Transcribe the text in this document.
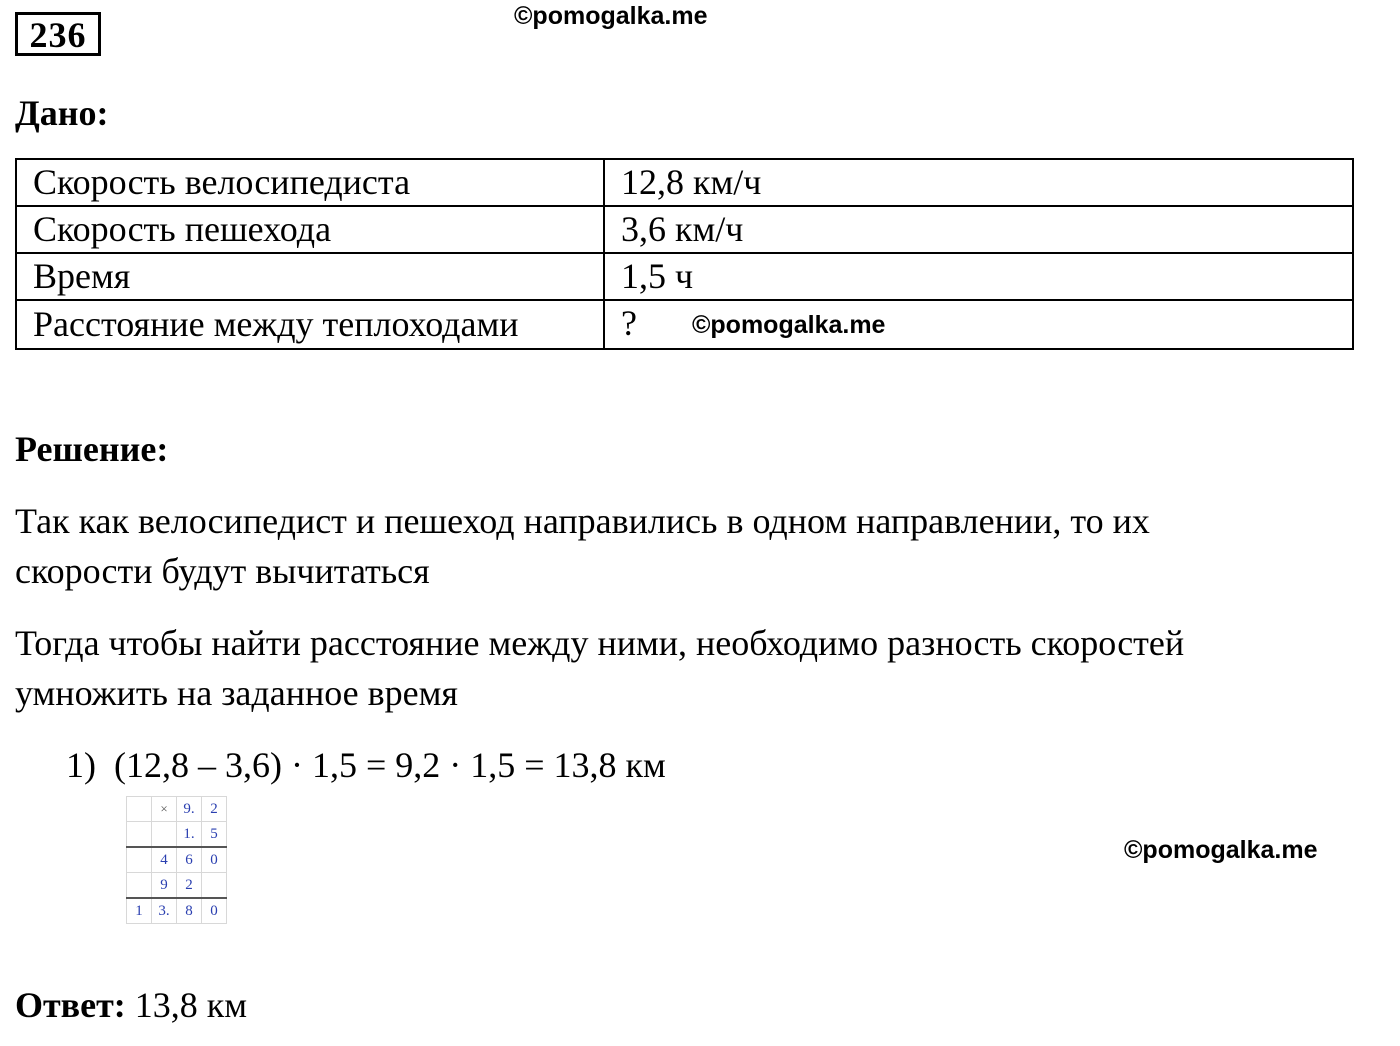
236	©pomogalka.me
Дано:
Скорость велосипедиста	12,8 км/ч
Скорость пешехода	3,6 км/ч
Время	1,5 ч
Расстояние между теплоходами	? ©pomogalka.me
Решение:
Так как велосипедист и пешеход направились в одном направлении, то их
скорости будут вычитаться
Тогда чтобы найти расстояние между ними, необходимо разность скоростей
умножить на заданное время
1)  (12,8 – 3,6) · 1,5 = 9,2 · 1,5 = 13,8 км
	×	9.	2
		1.	5
	4	6	0
	9	2	
1	3.	8	0
©pomogalka.me
Ответ: 13,8 км
